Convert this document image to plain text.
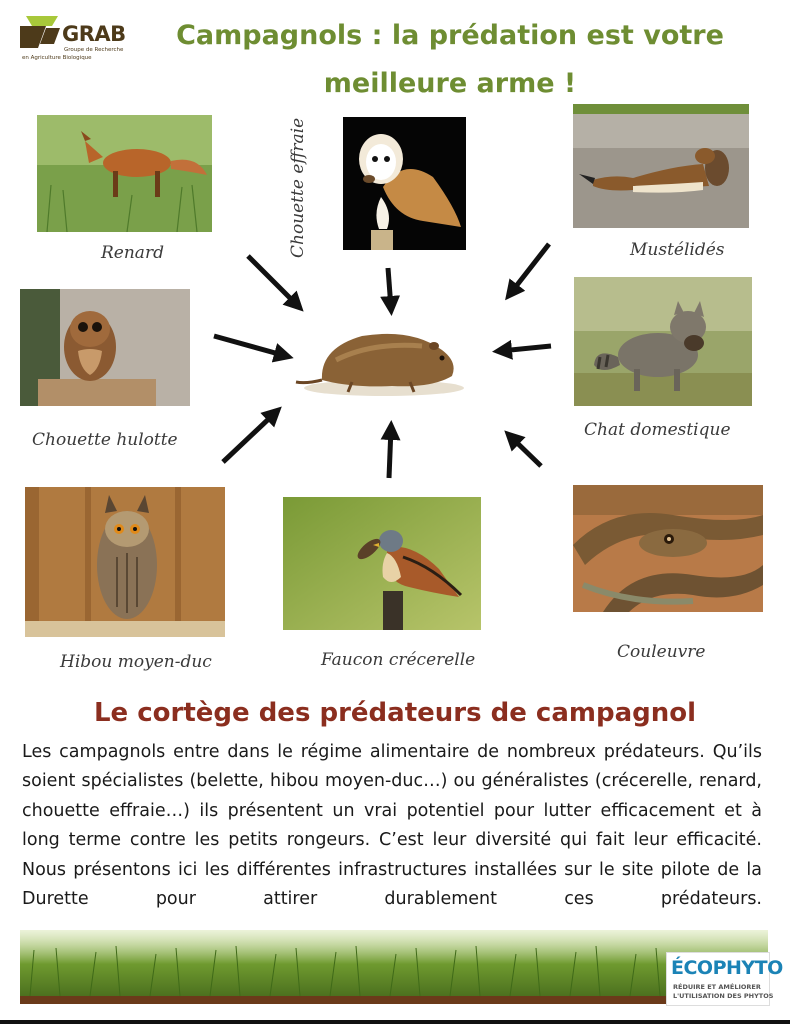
GRAB
Groupe de Recherche
en Agriculture Biologique
Campagnols : la prédation est votre
meilleure arme !
Renard	Chouette effraie	Mustélidés
Chouette hulotte	Chat domestique
Hibou moyen-duc	Faucon crécerelle	Couleuvre
Le cortège des prédateurs de campagnol
Les campagnols entre dans le régime alimentaire de nombreux prédateurs. Qu’ils soient spécialistes (belette, hibou moyen-duc…) ou généralistes (crécerelle, renard, chouette effraie…) ils présentent un vrai potentiel pour lutter efficacement et à long terme contre les petits rongeurs. C’est leur diversité qui fait leur efficacité. Nous présentons ici les différentes infrastructures installées sur le site pilote de la Durette pour attirer durablement ces prédateurs.
ÉCOPHYTO
RÉDUIRE ET AMÉLIORER
L'UTILISATION DES PHYTOS
